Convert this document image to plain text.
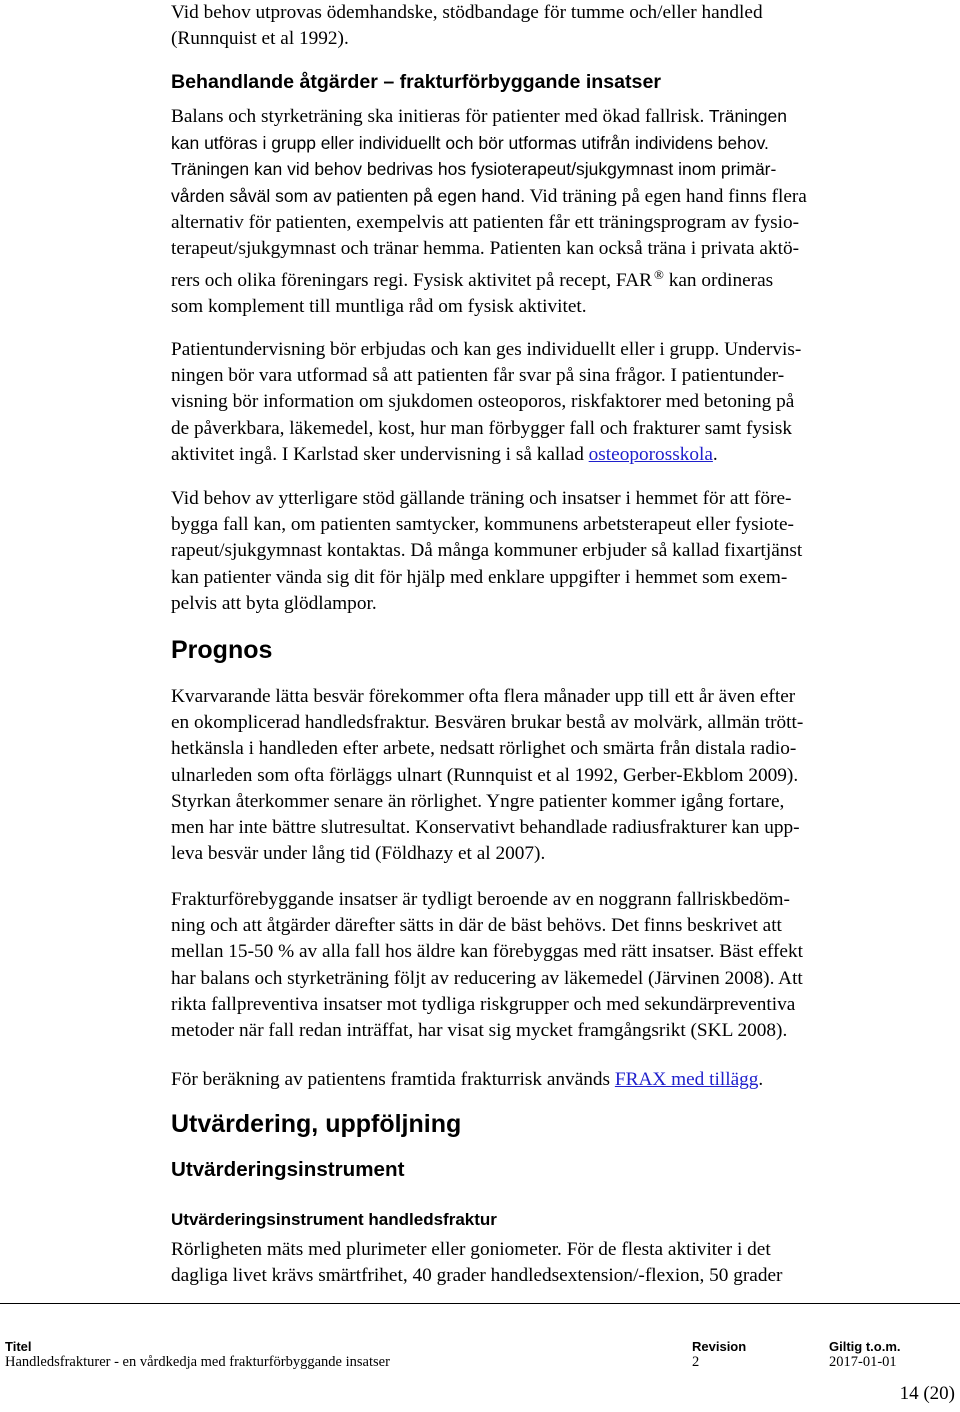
Vid behov utprovas ödemhandske, stödbandage för tumme och/eller handled
(Runnquist et al 1992).

Behandlande åtgärder – frakturförbyggande insatser

Balans och styrketräning ska initieras för patienter med ökad fallrisk. Träningen
kan utföras i grupp eller individuellt och bör utformas utifrån individens behov.
Träningen kan vid behov bedrivas hos fysioterapeut/sjukgymnast inom primär-
vården såväl som av patienten på egen hand. Vid träning på egen hand finns flera
alternativ för patienten, exempelvis att patienten får ett träningsprogram av fysio-
terapeut/sjukgymnast och tränar hemma. Patienten kan också träna i privata aktö-
rers och olika föreningars regi. Fysisk aktivitet på recept, FAR ® kan ordineras
som komplement till muntliga råd om fysisk aktivitet.

Patientundervisning bör erbjudas och kan ges individuellt eller i grupp. Undervis-
ningen bör vara utformad så att patienten får svar på sina frågor. I patientunder-
visning bör information om sjukdomen osteoporos, riskfaktorer med betoning på
de påverkbara, läkemedel, kost, hur man förbygger fall och frakturer samt fysisk
aktivitet ingå. I Karlstad sker undervisning i så kallad osteoporosskola.

Vid behov av ytterligare stöd gällande träning och insatser i hemmet för att före-
bygga fall kan, om patienten samtycker, kommunens arbetsterapeut eller fysiote-
rapeut/sjukgymnast kontaktas. Då många kommuner erbjuder så kallad fixartjänst
kan patienter vända sig dit för hjälp med enklare uppgifter i hemmet som exem-
pelvis att byta glödlampor.

Prognos

Kvarvarande lätta besvär förekommer ofta flera månader upp till ett år även efter
en okomplicerad handledsfraktur. Besvären brukar bestå av molvärk, allmän trött-
hetkänsla i handleden efter arbete, nedsatt rörlighet och smärta från distala radio-
ulnarleden som ofta förläggs ulnart (Runnquist et al 1992, Gerber-Ekblom 2009).
Styrkan återkommer senare än rörlighet. Yngre patienter kommer igång fortare,
men har inte bättre slutresultat. Konservativt behandlade radiusfrakturer kan upp-
leva besvär under lång tid (Földhazy et al 2007).

Frakturförebyggande insatser är tydligt beroende av en noggrann fallriskbedöm-
ning och att åtgärder därefter sätts in där de bäst behövs. Det finns beskrivet att
mellan 15-50 % av alla fall hos äldre kan förebyggas med rätt insatser. Bäst effekt
har balans och styrketräning följt av reducering av läkemedel (Järvinen 2008). Att
rikta fallpreventiva insatser mot tydliga riskgrupper och med sekundärpreventiva
metoder när fall redan inträffat, har visat sig mycket framgångsrikt (SKL 2008).

För beräkning av patientens framtida frakturrisk används FRAX med tillägg.

Utvärdering, uppföljning
Utvärderingsinstrument
Utvärderingsinstrument handledsfraktur

Rörligheten mäts med plurimeter eller goniometer. För de flesta aktiviter i det
dagliga livet krävs smärtfrihet, 40 grader handledsextension/-flexion, 50 grader

Titel
Handledsfrakturer - en vårdkedja med frakturförbyggande insatser
Revision
2
Giltig t.o.m.
2017-01-01
14 (20)
